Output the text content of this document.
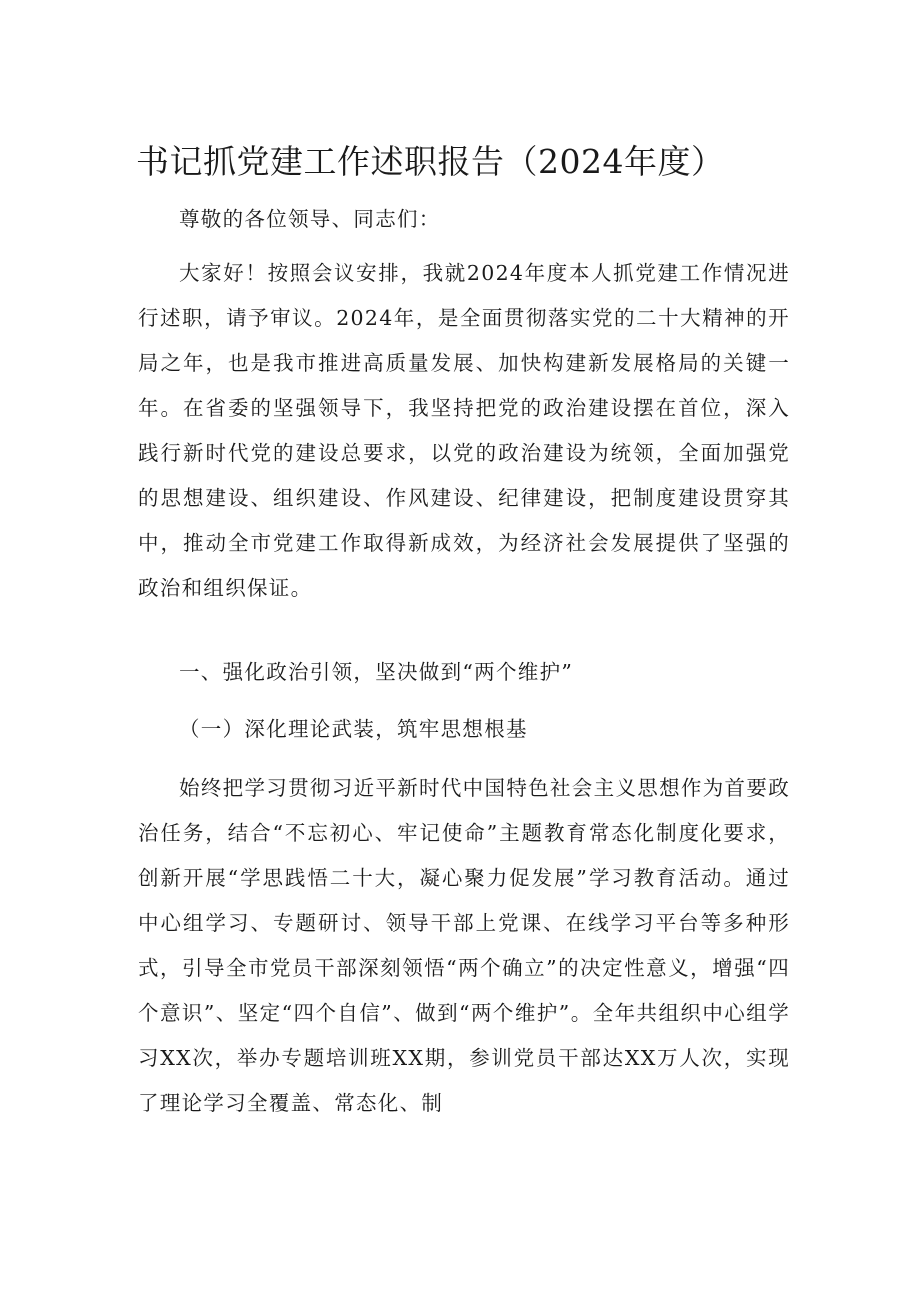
书记抓党建工作述职报告（2024年度）

尊敬的各位领导、同志们：

大家好！按照会议安排，我就2024年度本人抓党建工作情况进行述职，请予审议。2024年，是全面贯彻落实党的二十大精神的开局之年，也是我市推进高质量发展、加快构建新发展格局的关键一年。在省委的坚强领导下，我坚持把党的政治建设摆在首位，深入践行新时代党的建设总要求，以党的政治建设为统领，全面加强党的思想建设、组织建设、作风建设、纪律建设，把制度建设贯穿其中，推动全市党建工作取得新成效，为经济社会发展提供了坚强的政治和组织保证。

一、强化政治引领，坚决做到“两个维护”
（一）深化理论武装，筑牢思想根基

始终把学习贯彻习近平新时代中国特色社会主义思想作为首要政治任务，结合“不忘初心、牢记使命”主题教育常态化制度化要求，创新开展“学思践悟二十大，凝心聚力促发展”学习教育活动。通过中心组学习、专题研讨、领导干部上党课、在线学习平台等多种形式，引导全市党员干部深刻领悟“两个确立”的决定性意义，增强“四个意识”、坚定“四个自信”、做到“两个维护”。全年共组织中心组学习XX次，举办专题培训班XX期，参训党员干部达XX万人次，实现了理论学习全覆盖、常态化、制
